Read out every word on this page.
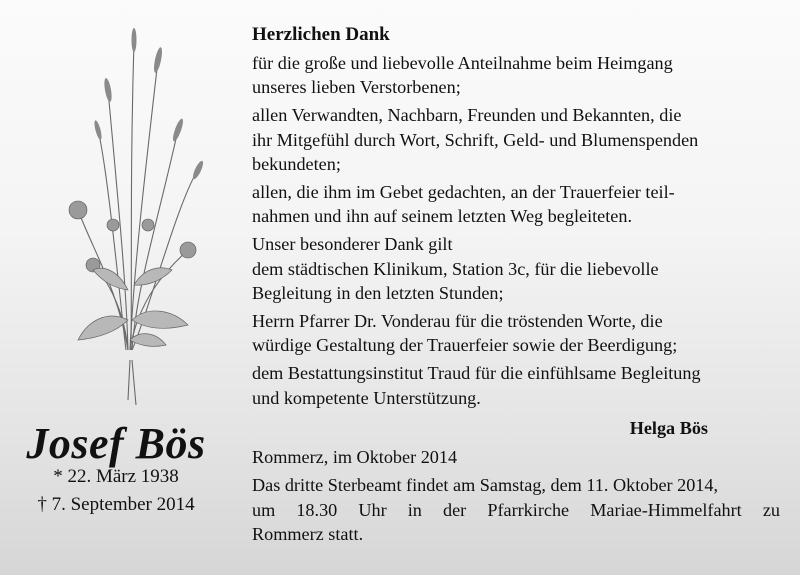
Josef Bös
* 22. März 1938
† 7. September 2014
Herzlichen Dank
für die große und liebevolle Anteilnahme beim Heimgang
unseres lieben Verstorbenen;
allen Verwandten, Nachbarn, Freunden und Bekannten, die
ihr Mitgefühl durch Wort, Schrift, Geld- und Blumenspenden
bekundeten;
allen, die ihm im Gebet gedachten, an der Trauerfeier teil-
nahmen und ihn auf seinem letzten Weg begleiteten.
Unser besonderer Dank gilt
dem städtischen Klinikum, Station 3c, für die liebevolle
Begleitung in den letzten Stunden;
Herrn Pfarrer Dr. Vonderau für die tröstenden Worte, die
würdige Gestaltung der Trauerfeier sowie der Beerdigung;
dem Bestattungsinstitut Traud für die einfühlsame Begleitung
und kompetente Unterstützung.
Helga Bös
Rommerz, im Oktober 2014
Das dritte Sterbeamt findet am Samstag, dem 11. Oktober 2014,
um 18.30 Uhr in der Pfarrkirche Mariae-Himmelfahrt zu
Rommerz statt.
